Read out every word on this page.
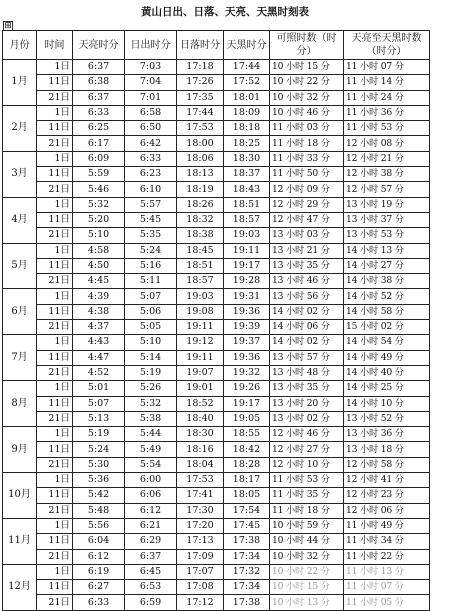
黄山日出、日落、天亮、天黑时刻表
⊞
月份	时间	天亮时分	日出时分	日落时分	天黑时分	可照时数（时分）	天亮至天黑时数（时分）
1月	1日	6:37	7:03	17:18	17:44	10 小时 15 分	11 小时 07 分
	11日	6:38	7:04	17:26	17:52	10 小时 22 分	11 小时 14 分
	21日	6:37	7:01	17:35	18:01	10 小时 32 分	11 小时 24 分
2月	1日	6:33	6:58	17:44	18:09	10 小时 46 分	11 小时 36 分
	11日	6:25	6:50	17:53	18:18	11 小时 03 分	11 小时 53 分
	21日	6:17	6:42	18:00	18:25	11 小时 18 分	12 小时 08 分
3月	1日	6:09	6:33	18:06	18:30	11 小时 33 分	12 小时 21 分
	11日	5:59	6:23	18:13	18:37	11 小时 50 分	12 小时 38 分
	21日	5:46	6:10	18:19	18:43	12 小时 09 分	12 小时 57 分
4月	1日	5:32	5:57	18:26	18:51	12 小时 29 分	13 小时 19 分
	11日	5:20	5:45	18:32	18:57	12 小时 47 分	13 小时 37 分
	21日	5:10	5:35	18:38	19:03	13 小时 03 分	13 小时 53 分
5月	1日	4:58	5:24	18:45	19:11	13 小时 21 分	14 小时 13 分
	11日	4:50	5:16	18:51	19:17	13 小时 35 分	14 小时 27 分
	21日	4:45	5:11	18:57	19:28	13 小时 46 分	14 小时 38 分
6月	1日	4:39	5:07	19:03	19:31	13 小时 56 分	14 小时 52 分
	11日	4:38	5:06	19:08	19:36	14 小时 02 分	14 小时 58 分
	21日	4:37	5:05	19:11	19:39	14 小时 06 分	15 小时 02 分
7月	1日	4:43	5:10	19:12	19:37	14 小时 02 分	14 小时 54 分
	11日	4:47	5:14	19:11	19:36	13 小时 57 分	14 小时 49 分
	21日	4:52	5:19	19:07	19:32	13 小时 48 分	14 小时 40 分
8月	1日	5:01	5:26	19:01	19:26	13 小时 35 分	14 小时 25 分
	11日	5:07	5:32	18:52	19:17	13 小时 20 分	14 小时 10 分
	21日	5:13	5:38	18:40	19:05	13 小时 02 分	13 小时 52 分
9月	1日	5:19	5:44	18:30	18:55	12 小时 46 分	13 小时 36 分
	11日	5:24	5:49	18:16	18:42	12 小时 27 分	13 小时 18 分
	21日	5:30	5:54	18:04	18:28	12 小时 10 分	12 小时 58 分
10月	1日	5:36	6:00	17:53	18:17	11 小时 53 分	12 小时 41 分
	11日	5:42	6:06	17:41	18:05	11 小时 35 分	12 小时 23 分
	21日	5:48	6:12	17:30	17:54	11 小时 18 分	12 小时 06 分
11月	1日	5:56	6:21	17:20	17:45	10 小时 59 分	11 小时 49 分
	11日	6:04	6:29	17:13	17:38	10 小时 44 分	11 小时 34 分
	21日	6:12	6:37	17:09	17:34	10 小时 32 分	11 小时 22 分
12月	1日	6:19	6:45	17:07	17:32	10 小时 22 分	11 小时 13 分
	11日	6:27	6:53	17:08	17:34	10 小时 15 分	11 小时 07 分
	21日	6:33	6:59	17:12	17:38	10 小时 13 分	11 小时 05 分
